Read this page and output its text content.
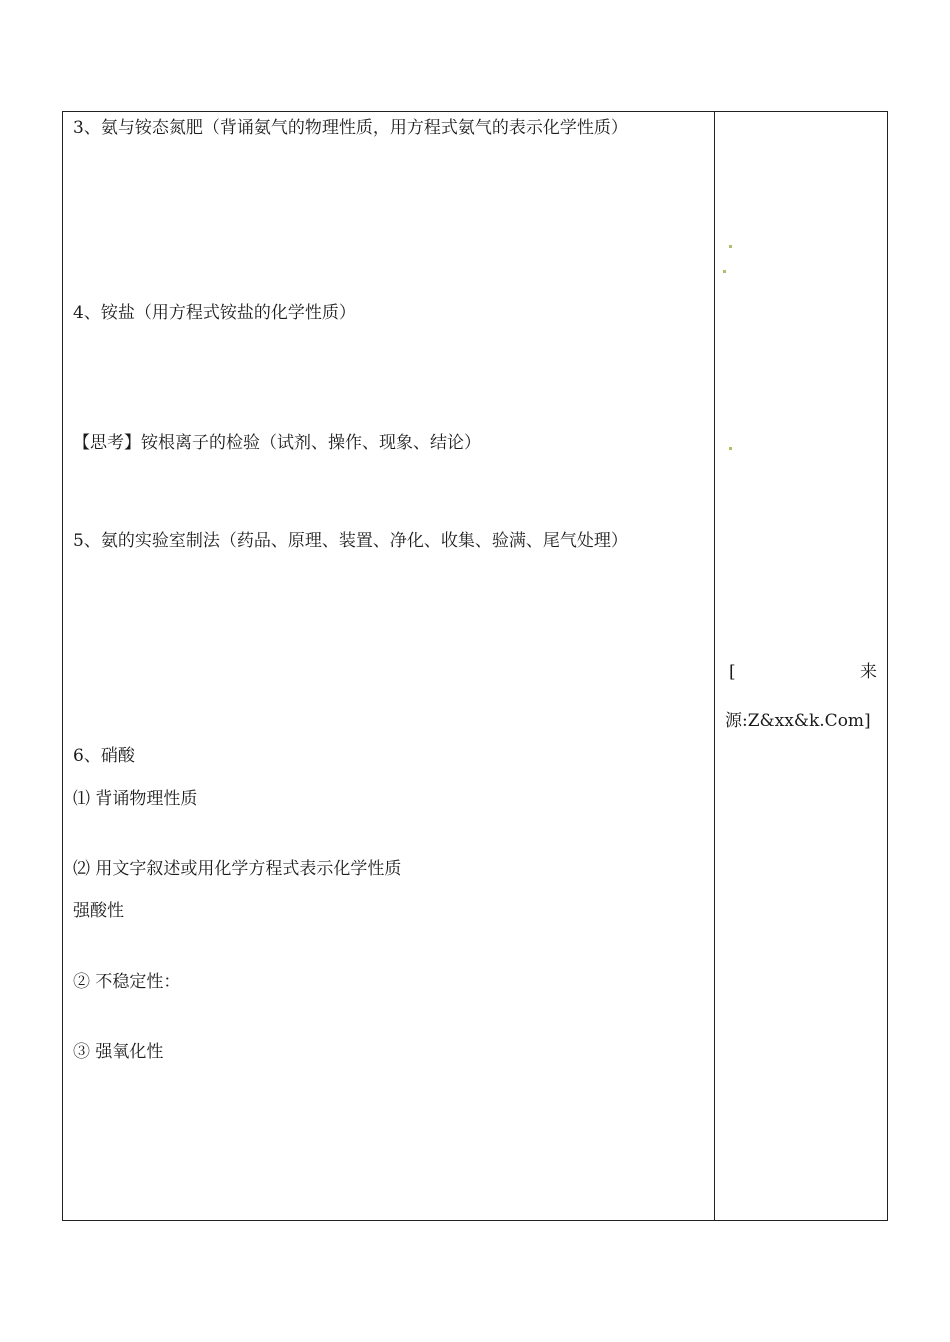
3、氨与铵态氮肥（背诵氨气的物理性质，用方程式氨气的表示化学性质）
4、铵盐（用方程式铵盐的化学性质）
【思考】铵根离子的检验（试剂、操作、现象、结论）
5、氨的实验室制法（药品、原理、装置、净化、收集、验满、尾气处理）
6、硝酸
⑴ 背诵物理性质
⑵ 用文字叙述或用化学方程式表示化学性质
强酸性
② 不稳定性：
③ 强氧化性
[	来
源:Z&xx&k.Com]
